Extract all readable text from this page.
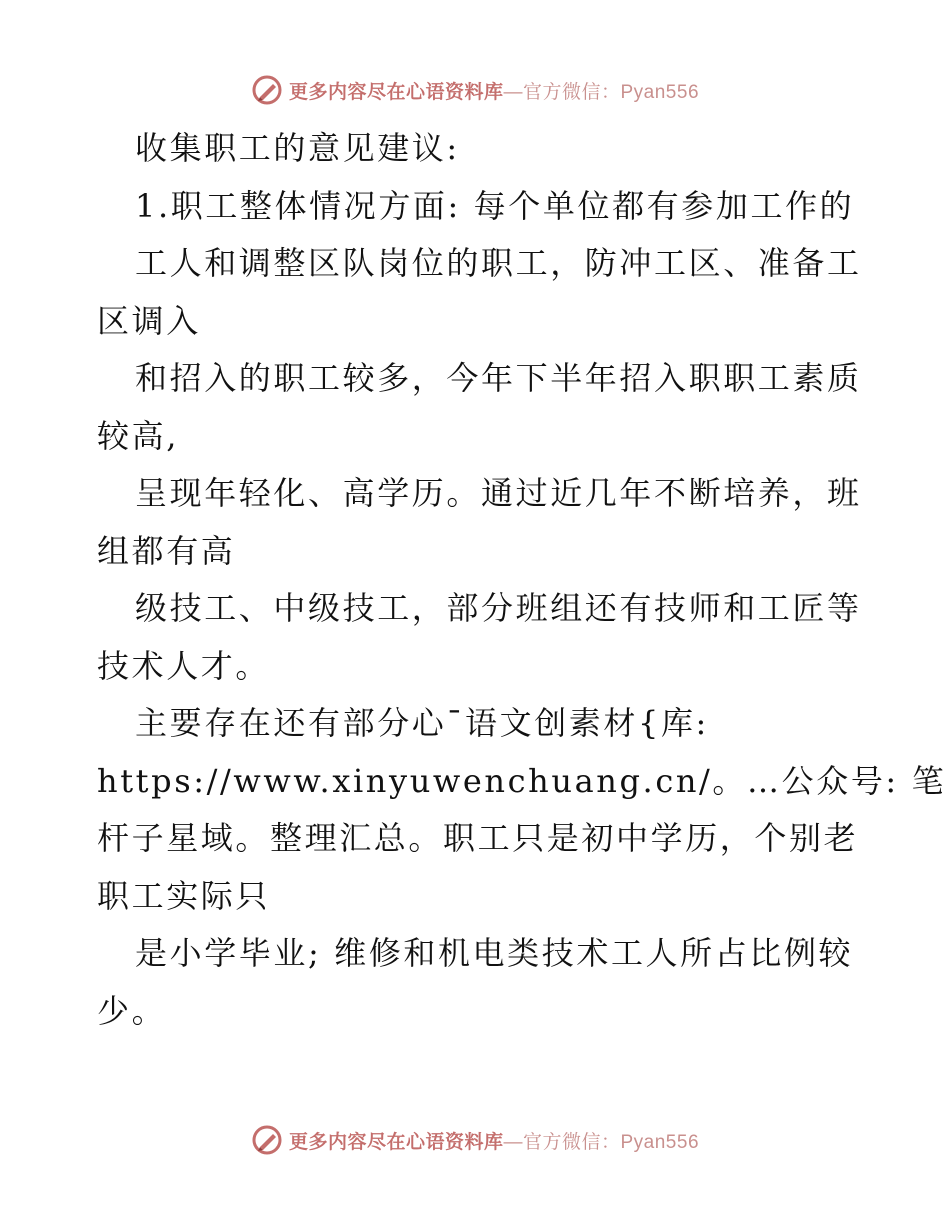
更多内容尽在心语资料库—官方微信：Pyan556
收集职工的意见建议:
1.职工整体情况方面: 每个单位都有参加工作的
工人和调整区队岗位的职工，防冲工区、准备工
区调入
和招入的职工较多，今年下半年招入职职工素质
较高,
呈现年轻化、高学历。通过近几年不断培养，班
组都有高
级技工、中级技工，部分班组还有技师和工匠等
技术人才。
主要存在还有部分心¯语文创素材{库:
https://www.xinyuwenchuang.cn/。…公众号: 笔
杆子星域。整理汇总。职工只是初中学历，个别老
职工实际只
是小学毕业; 维修和机电类技术工人所占比例较
少。
更多内容尽在心语资料库—官方微信：Pyan556
